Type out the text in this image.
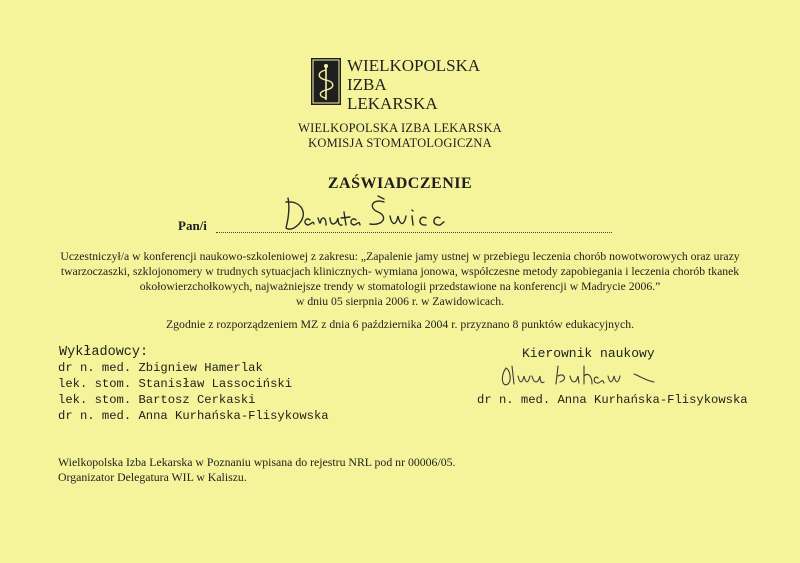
WIELKOPOLSKA
IZBA
LEKARSKA
WIELKOPOLSKA IZBA LEKARSKA
KOMISJA STOMATOLOGICZNA
ZAŚWIADCZENIE
Pan/i
Uczestniczył/a w konferencji naukowo-szkoleniowej z zakresu: „Zapalenie jamy ustnej w przebiegu leczenia chorób nowotworowych oraz urazy
twarzoczaszki, szklojonomery w trudnych sytuacjach klinicznych- wymiana jonowa, współczesne metody zapobiegania i leczenia chorób tkanek
okołowierzchołkowych, najważniejsze trendy w stomatologii przedstawione na konferencji w Madrycie 2006.”
w dniu 05 sierpnia 2006 r. w Zawidowicach.
Zgodnie z rozporządzeniem MZ z dnia 6 października 2004 r. przyznano 8 punktów edukacyjnych.
Wykładowcy:
dr n. med. Zbigniew Hamerlak
lek. stom. Stanisław Lassociński
lek. stom. Bartosz Cerkaski
dr n. med. Anna Kurhańska-Flisykowska
Kierownik naukowy
dr n. med. Anna Kurhańska-Flisykowska
Wielkopolska Izba Lekarska w Poznaniu wpisana do rejestru NRL pod nr 00006/05.
Organizator Delegatura WIL w Kaliszu.
